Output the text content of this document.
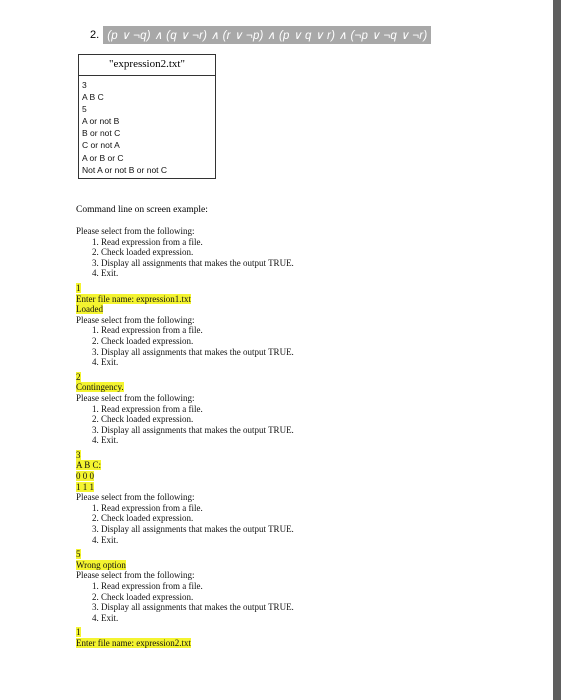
2. (p ∨ ¬q) ∧ (q ∨ ¬r) ∧ (r ∨ ¬p) ∧ (p ∨ q ∨ r) ∧ (¬p ∨ ¬q ∨ ¬r)
"expression2.txt"
3
A B C
5
A or not B
B or not C
C or not A
A or B or C
Not A or not B or not C
Command line on screen example:
Please select from the following:
1. Read expression from a file.
2. Check loaded expression.
3. Display all assignments that makes the output TRUE.
4. Exit.
1
Enter file name: expression1.txt
Loaded
Please select from the following:
1. Read expression from a file.
2. Check loaded expression.
3. Display all assignments that makes the output TRUE.
4. Exit.
2
Contingency.
Please select from the following:
1. Read expression from a file.
2. Check loaded expression.
3. Display all assignments that makes the output TRUE.
4. Exit.
3
A B C:
0 0 0
1 1 1
Please select from the following:
1. Read expression from a file.
2. Check loaded expression.
3. Display all assignments that makes the output TRUE.
4. Exit.
5
Wrong option
Please select from the following:
1. Read expression from a file.
2. Check loaded expression.
3. Display all assignments that makes the output TRUE.
4. Exit.
1
Enter file name: expression2.txt
